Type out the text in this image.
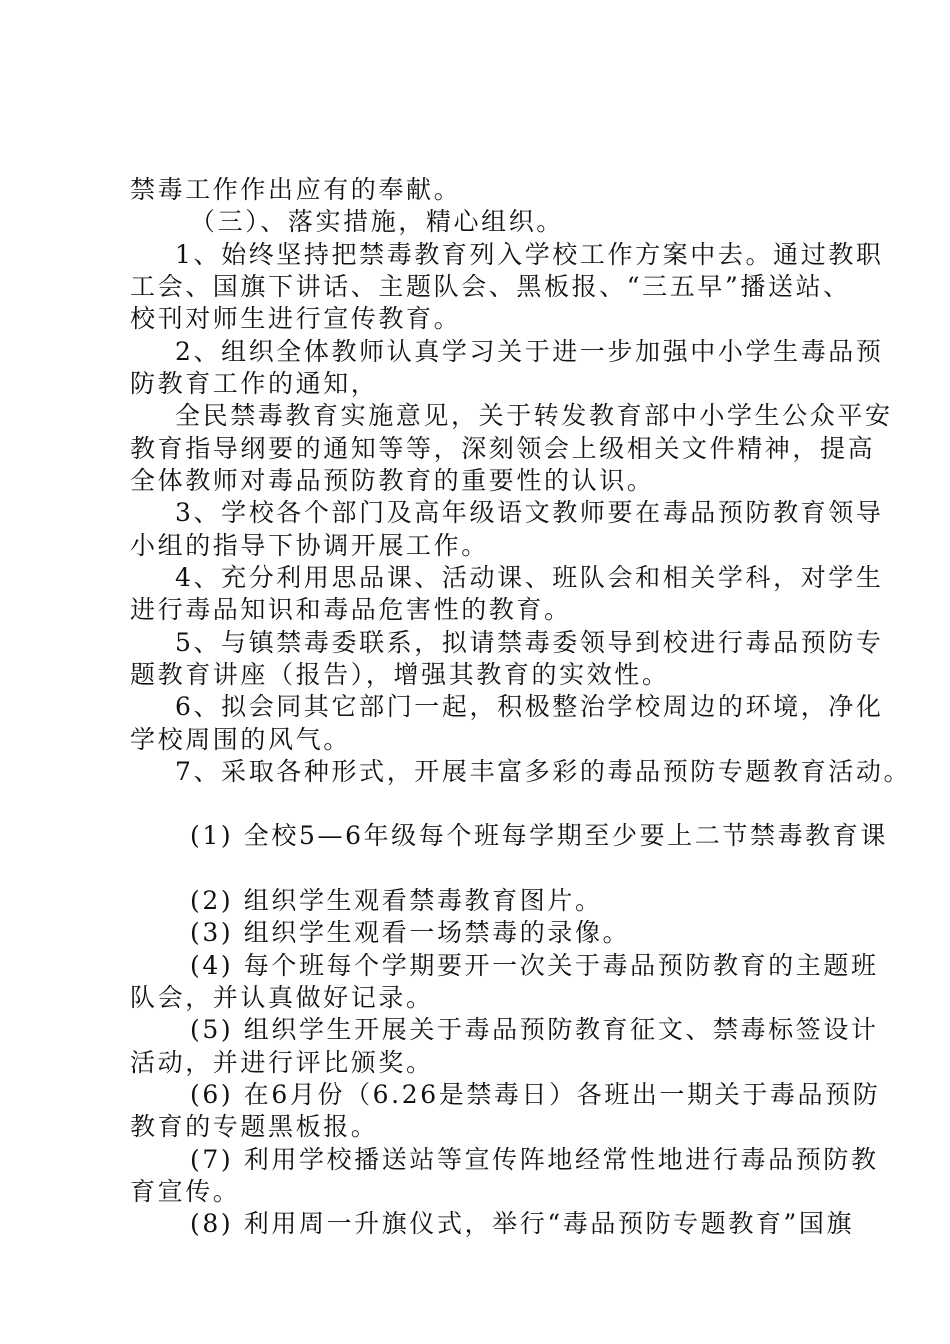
禁毒工作作出应有的奉献。
（三）、落实措施，精心组织。
1、始终坚持把禁毒教育列入学校工作方案中去。通过教职
工会、国旗下讲话、主题队会、黑板报、“三五早”播送站、
校刊对师生进行宣传教育。
2、组织全体教师认真学习关于进一步加强中小学生毒品预
防教育工作的通知，
全民禁毒教育实施意见，关于转发教育部中小学生公众平安
教育指导纲要的通知等等，深刻领会上级相关文件精神，提高
全体教师对毒品预防教育的重要性的认识。
3、学校各个部门及高年级语文教师要在毒品预防教育领导
小组的指导下协调开展工作。
4、充分利用思品课、活动课、班队会和相关学科，对学生
进行毒品知识和毒品危害性的教育。
5、与镇禁毒委联系，拟请禁毒委领导到校进行毒品预防专
题教育讲座（报告），增强其教育的实效性。
6、拟会同其它部门一起，积极整治学校周边的环境，净化
学校周围的风气。
7、采取各种形式，开展丰富多彩的毒品预防专题教育活动。
(1) 全校5—6年级每个班每学期至少要上二节禁毒教育课
(2) 组织学生观看禁毒教育图片。
(3) 组织学生观看一场禁毒的录像。
(4) 每个班每个学期要开一次关于毒品预防教育的主题班
队会，并认真做好记录。
(5) 组织学生开展关于毒品预防教育征文、禁毒标签设计
活动，并进行评比颁奖。
(6) 在6月份（6.26是禁毒日）各班出一期关于毒品预防
教育的专题黑板报。
(7) 利用学校播送站等宣传阵地经常性地进行毒品预防教
育宣传。
(8) 利用周一升旗仪式，举行“毒品预防专题教育”国旗
